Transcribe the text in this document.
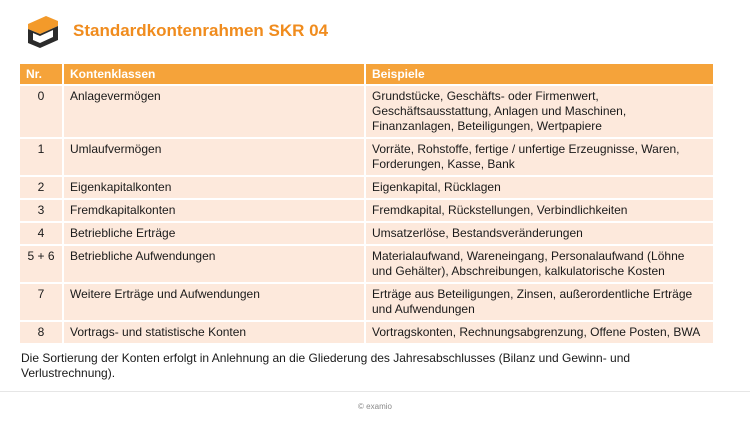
Standardkontenrahmen SKR 04
Nr.	Kontenklassen	Beispiele
0	Anlagevermögen	Grundstücke, Geschäfts- oder Firmenwert, Geschäftsausstattung, Anlagen und Maschinen, Finanzanlagen, Beteiligungen, Wertpapiere
1	Umlaufvermögen	Vorräte, Rohstoffe, fertige / unfertige Erzeugnisse, Waren, Forderungen, Kasse, Bank
2	Eigenkapitalkonten	Eigenkapital, Rücklagen
3	Fremdkapitalkonten	Fremdkapital, Rückstellungen, Verbindlichkeiten
4	Betriebliche Erträge	Umsatzerlöse, Bestandsveränderungen
5 + 6	Betriebliche Aufwendungen	Materialaufwand, Wareneingang, Personalaufwand (Löhne und Gehälter), Abschreibungen, kalkulatorische Kosten
7	Weitere Erträge und Aufwendungen	Erträge aus Beteiligungen, Zinsen, außerordentliche Erträge und Aufwendungen
8	Vortrags- und statistische Konten	Vortragskonten, Rechnungsabgrenzung, Offene Posten, BWA
Die Sortierung der Konten erfolgt in Anlehnung an die Gliederung des Jahresabschlusses (Bilanz und Gewinn- und Verlustrechnung).
© examio
